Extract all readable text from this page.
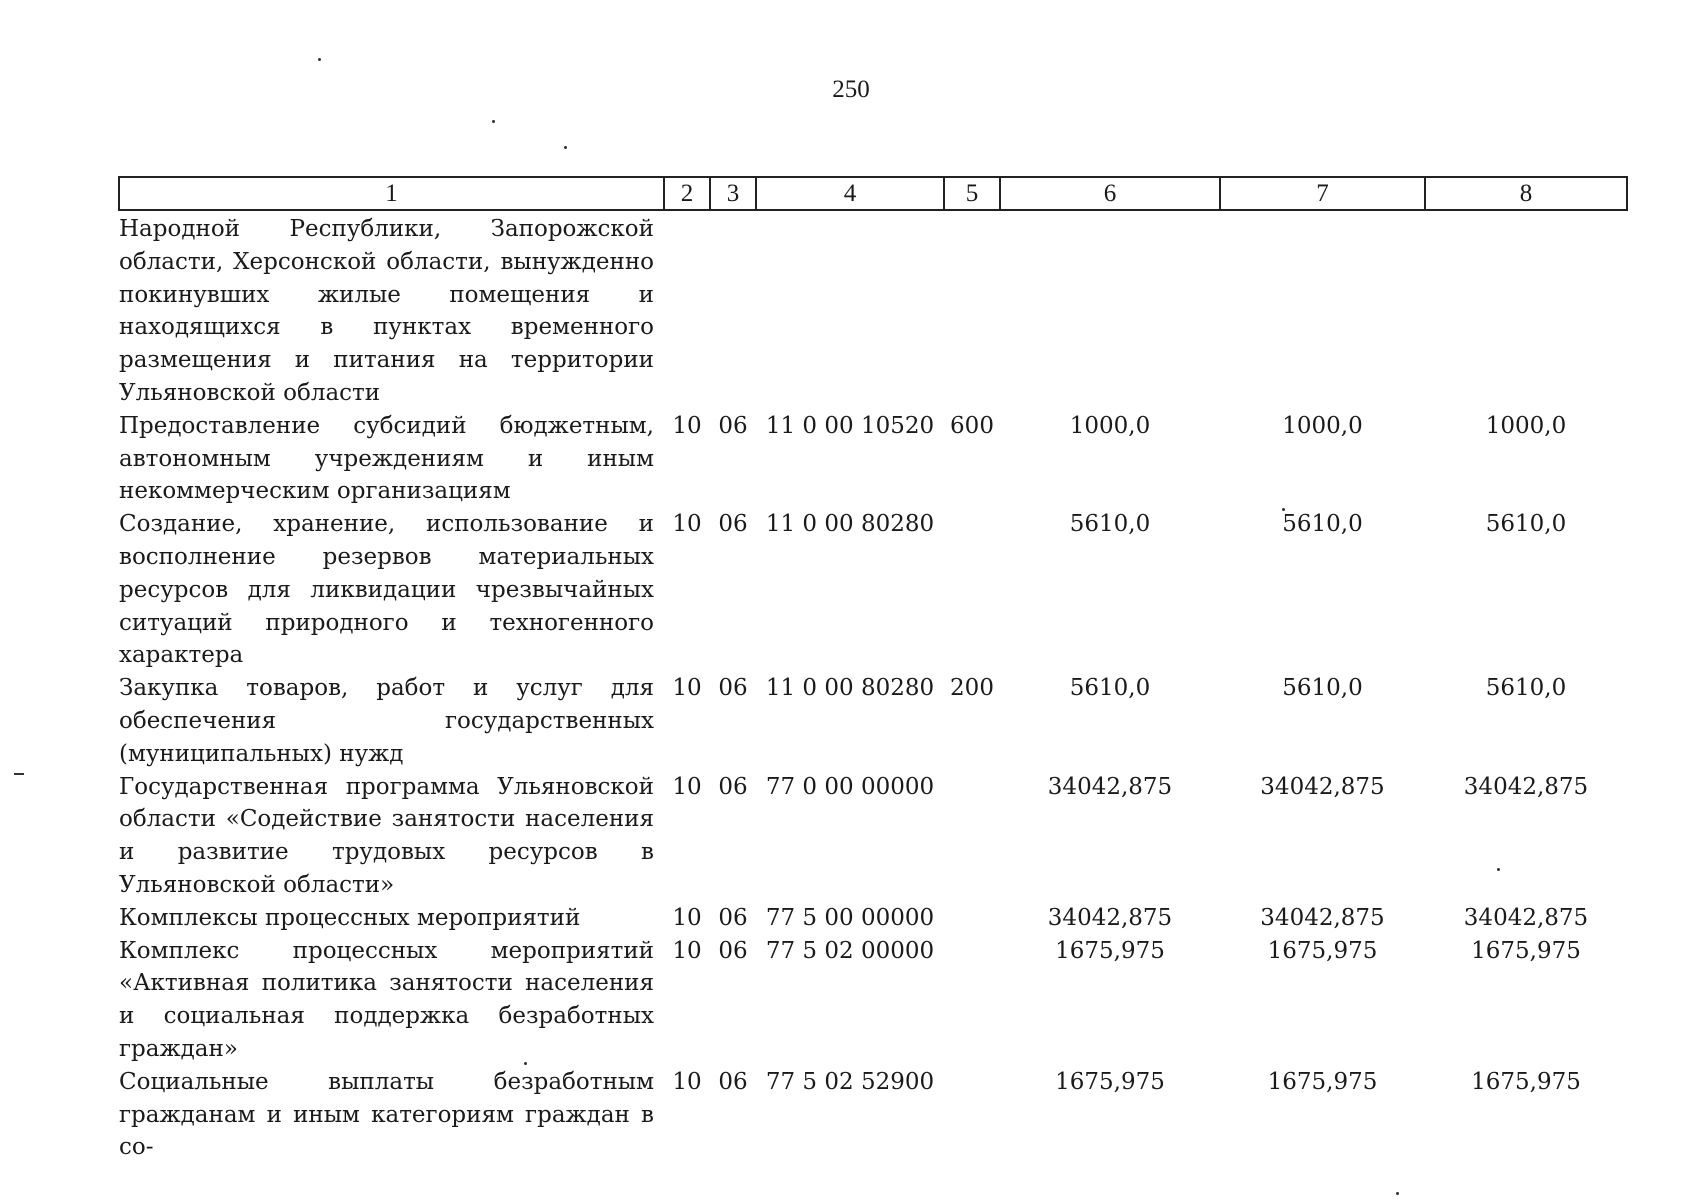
250
1	2	3	4	5	6	7	8
Народной Республики, Запорожской области, Херсонской области, вынужденно покинувших жилые помещения и находящихся в пунктах временного размещения и питания на территории Ульяновской области							
Предоставление субсидий бюджетным, автономным учреждениям и иным некоммерческим организациям	10	06	11 0 00 10520	600	1000,0	1000,0	1000,0
Создание, хранение, использование и восполнение резервов материальных ресурсов для ликвидации чрезвычайных ситуаций природного и техногенного характера	10	06	11 0 00 80280		5610,0	5610,0	5610,0
Закупка товаров, работ и услуг для обеспечения государственных (муниципальных) нужд	10	06	11 0 00 80280	200	5610,0	5610,0	5610,0
Государственная программа Ульяновской области «Содействие занятости населения и развитие трудовых ресурсов в Ульяновской области»	10	06	77 0 00 00000		34042,875	34042,875	34042,875
Комплексы процессных мероприятий	10	06	77 5 00 00000		34042,875	34042,875	34042,875
Комплекс процессных мероприятий «Активная политика занятости населения и социальная поддержка безработных граждан»	10	06	77 5 02 00000		1675,975	1675,975	1675,975
Социальные выплаты безработным гражданам и иным категориям граждан в со-	10	06	77 5 02 52900		1675,975	1675,975	1675,975
